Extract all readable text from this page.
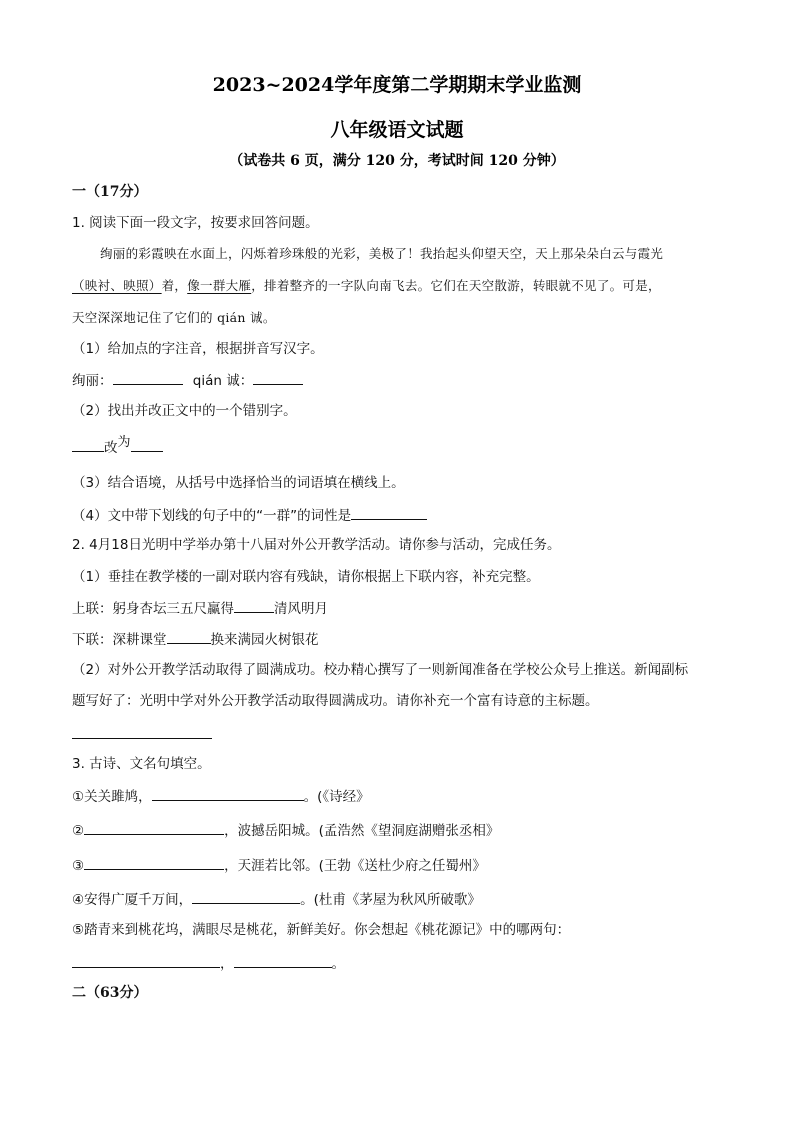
2023~2024学年度第二学期期末学业监测
八年级语文试题
（试卷共 6 页，满分 120 分，考试时间 120 分钟）
一（17分）
1. 阅读下面一段文字，按要求回答问题。
绚丽的彩霞映在水面上，闪烁着珍珠般的光彩，美极了！我抬起头仰望天空，天上那朵朵白云与霞光
（映衬、映照）着，像一群大雁，排着整齐的一字队向南飞去。它们在天空散游，转眼就不见了。可是，
天空深深地记住了它们的 qián 诚。
（1）给加点的字注音，根据拼音写汉字。
绚丽：	qián 诚：
（2）找出并改正文中的一个错别字。
改为
（3）结合语境，从括号中选择恰当的词语填在横线上。
（4）文中带下划线的句子中的“一群”的词性是
2. 4月18日光明中学举办第十八届对外公开教学活动。请你参与活动，完成任务。
（1）垂挂在教学楼的一副对联内容有残缺，请你根据上下联内容，补充完整。
上联：躬身杏坛三五尺赢得	清风明月
下联：深耕课堂	换来满园火树银花
（2）对外公开教学活动取得了圆满成功。校办精心撰写了一则新闻准备在学校公众号上推送。新闻副标
题写好了：光明中学对外公开教学活动取得圆满成功。请你补充一个富有诗意的主标题。
3. 古诗、文名句填空。
①关关雎鸠，	。(《诗经》
②	，波撼岳阳城。(孟浩然《望洞庭湖赠张丞相》
③	，天涯若比邻。(王勃《送杜少府之任蜀州》
④安得广厦千万间，	。(杜甫《茅屋为秋风所破歌》
⑤踏青来到桃花坞，满眼尽是桃花，新鲜美好。你会想起《桃花源记》中的哪两句：
，	。
二（63分）
